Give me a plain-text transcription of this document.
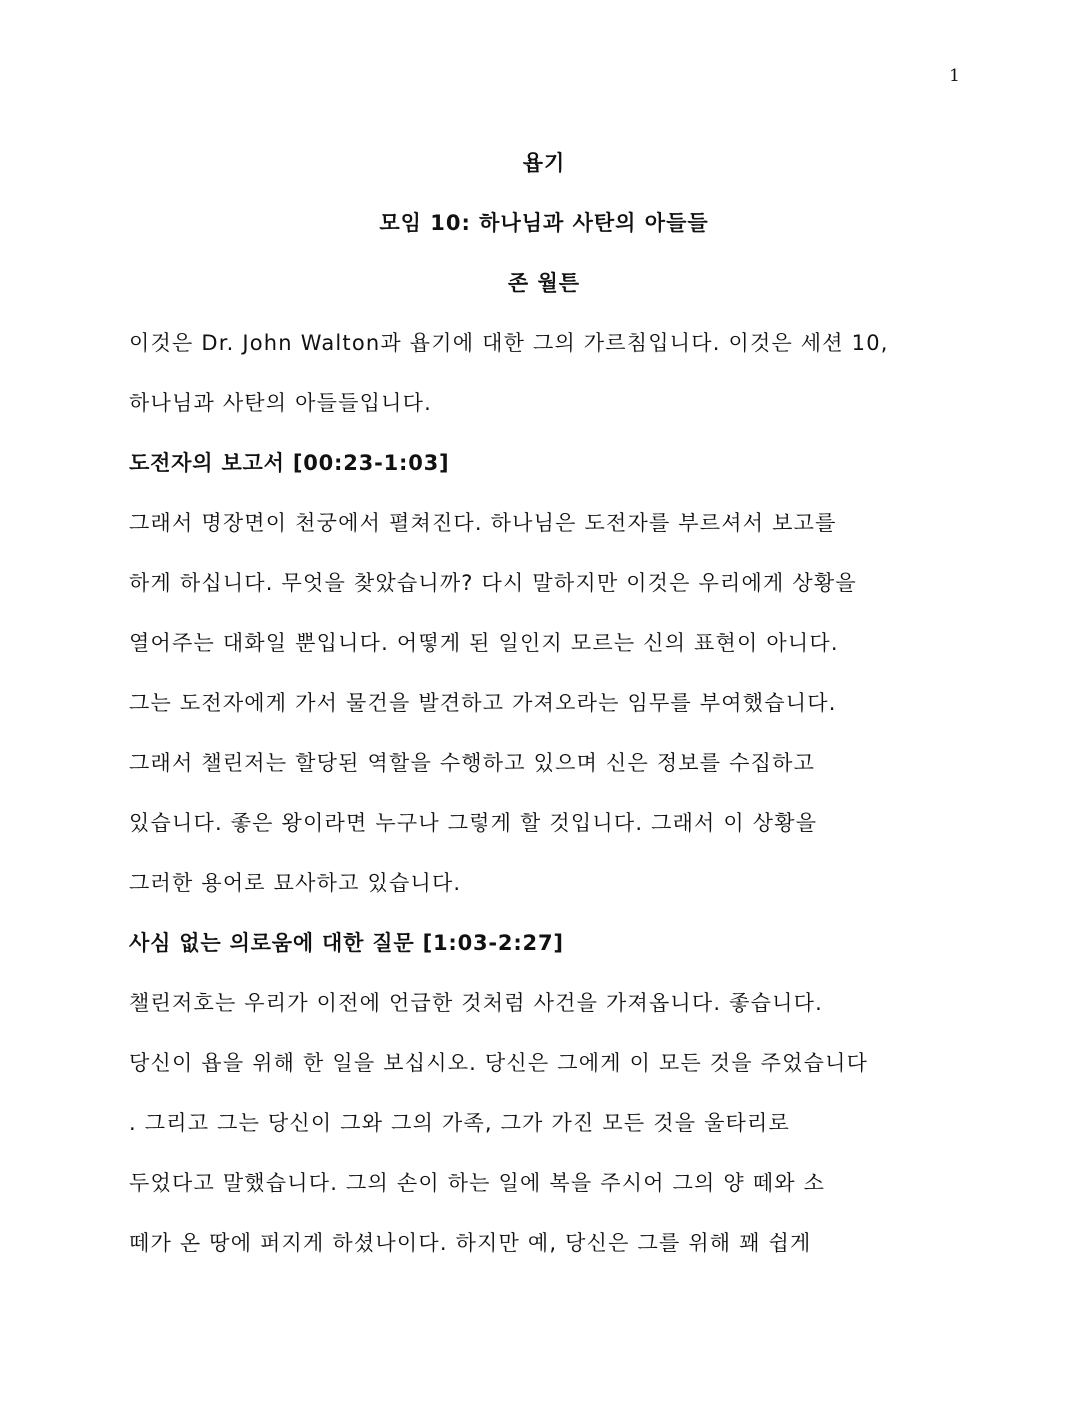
1
욥기
모임 10: 하나님과 사탄의 아들들
존 월튼
이것은 Dr. John Walton과 욥기에 대한 그의 가르침입니다. 이것은 세션 10,
하나님과 사탄의 아들들입니다.
도전자의 보고서 [00:23-1:03]
그래서 명장면이 천궁에서 펼쳐진다. 하나님은 도전자를 부르셔서 보고를
하게 하십니다. 무엇을 찾았습니까? 다시 말하지만 이것은 우리에게 상황을
열어주는 대화일 뿐입니다. 어떻게 된 일인지 모르는 신의 표현이 아니다.
그는 도전자에게 가서 물건을 발견하고 가져오라는 임무를 부여했습니다.
그래서 챌린저는 할당된 역할을 수행하고 있으며 신은 정보를 수집하고
있습니다. 좋은 왕이라면 누구나 그렇게 할 것입니다. 그래서 이 상황을
그러한 용어로 묘사하고 있습니다.
사심 없는 의로움에 대한 질문 [1:03-2:27]
챌린저호는 우리가 이전에 언급한 것처럼 사건을 가져옵니다. 좋습니다.
당신이 욥을 위해 한 일을 보십시오. 당신은 그에게 이 모든 것을 주었습니다
. 그리고 그는 당신이 그와 그의 가족, 그가 가진 모든 것을 울타리로
두었다고 말했습니다. 그의 손이 하는 일에 복을 주시어 그의 양 떼와 소
떼가 온 땅에 퍼지게 하셨나이다. 하지만 예, 당신은 그를 위해 꽤 쉽게
